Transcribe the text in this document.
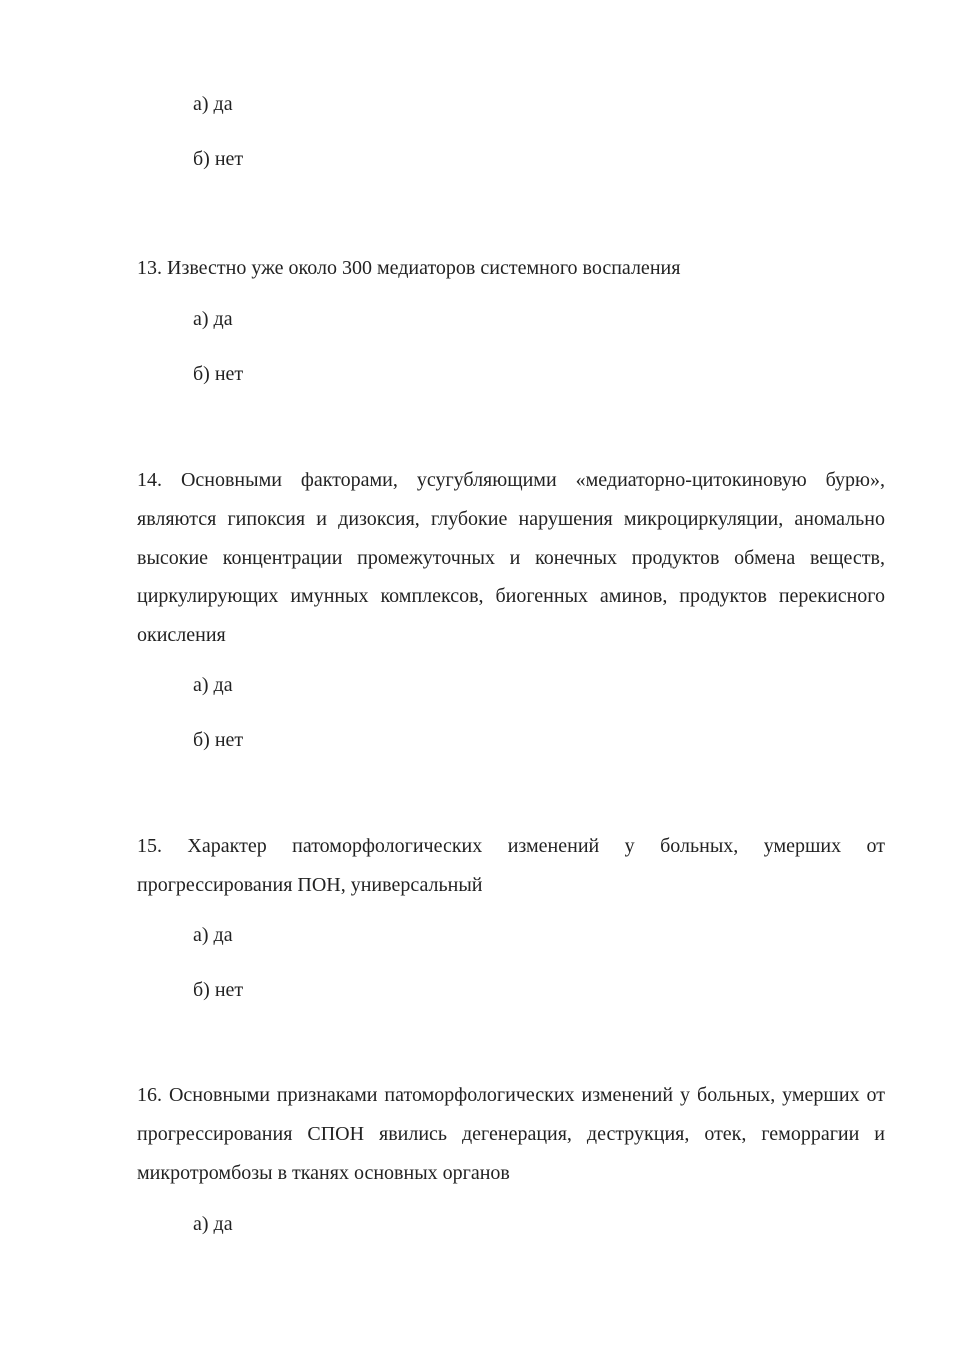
а) да
б) нет

13. Известно уже около 300 медиаторов системного воспаления

а) да
б) нет

14. Основными факторами, усугубляющими «медиаторно-цитокиновую бурю», являются гипоксия и дизоксия, глубокие нарушения микроциркуляции, аномально высокие концентрации промежуточных и конечных продуктов обмена веществ, циркулирующих имунных комплексов, биогенных аминов, продуктов перекисного окисления

а) да
б) нет

15. Характер патоморфологических изменений у больных, умерших от прогрессирования ПОН, универсальный

а) да
б) нет

16. Основными признаками патоморфологических изменений у больных, умерших от прогрессирования СПОН явились дегенерация, деструкция, отек, геморрагии и микротромбозы в тканях основных органов

а) да
